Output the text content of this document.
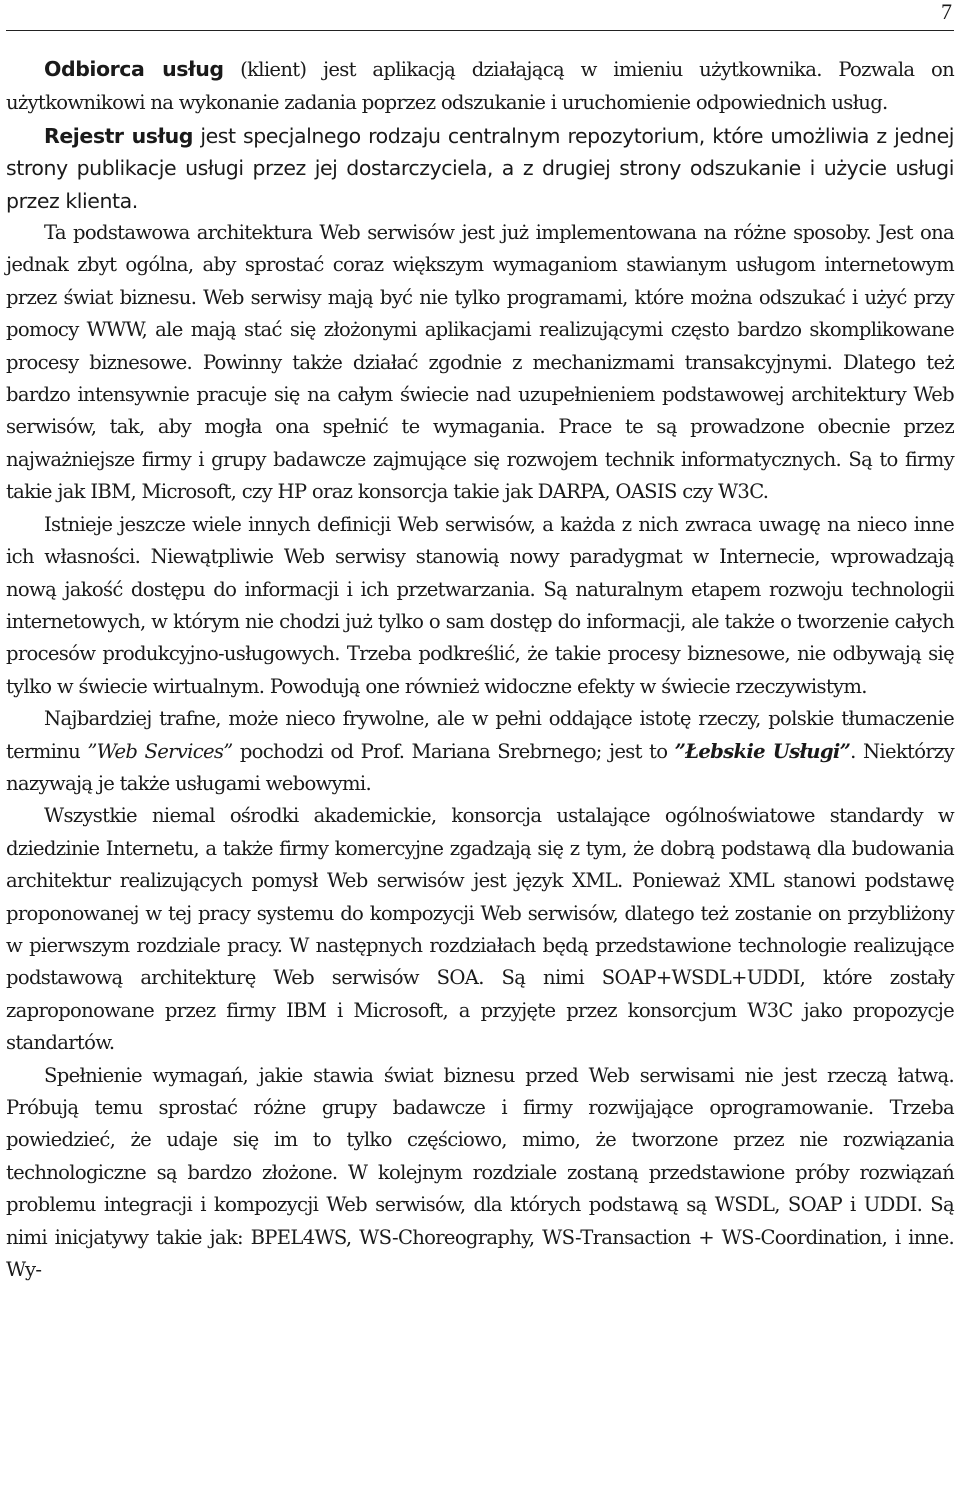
7

Odbiorca usług (klient) jest aplikacją działającą w imieniu użytkownika. Pozwala on użytkownikowi na wykonanie zadania poprzez odszukanie i uruchomienie odpowiednich usług.

Rejestr usług jest specjalnego rodzaju centralnym repozytorium, które umożliwia z jednej strony publikacje usługi przez jej dostarczyciela, a z drugiej strony odszukanie i użycie usługi przez klienta.

Ta podstawowa architektura Web serwisów jest już implementowana na różne sposoby. Jest ona jednak zbyt ogólna, aby sprostać coraz większym wymaganiom stawianym usługom internetowym przez świat biznesu. Web serwisy mają być nie tylko programami, które można odszukać i użyć przy pomocy WWW, ale mają stać się złożonymi aplikacjami realizującymi często bardzo skomplikowane procesy biznesowe. Powinny także działać zgodnie z mechanizmami transakcyjnymi. Dlatego też bardzo intensywnie pracuje się na całym świecie nad uzupełnieniem podstawowej architektury Web serwisów, tak, aby mogła ona spełnić te wymagania. Prace te są prowadzone obecnie przez najważniejsze firmy i grupy badawcze zajmujące się rozwojem technik informatycznych. Są to firmy takie jak IBM, Microsoft, czy HP oraz konsorcja takie jak DARPA, OASIS czy W3C.

Istnieje jeszcze wiele innych definicji Web serwisów, a każda z nich zwraca uwagę na nieco inne ich własności. Niewątpliwie Web serwisy stanowią nowy paradygmat w Internecie, wprowadzają nową jakość dostępu do informacji i ich przetwarzania. Są naturalnym etapem rozwoju technologii internetowych, w którym nie chodzi już tylko o sam dostęp do informacji, ale także o tworzenie całych procesów produkcyjno-usługowych. Trzeba podkreślić, że takie procesy biznesowe, nie odbywają się tylko w świecie wirtualnym. Powodują one również widoczne efekty w świecie rzeczywistym.

Najbardziej trafne, może nieco frywolne, ale w pełni oddające istotę rzeczy, polskie tłumaczenie terminu ”Web Services” pochodzi od Prof. Mariana Srebrnego; jest to ”Łebskie Usługi”. Niektórzy nazywają je także usługami webowymi.

Wszystkie niemal ośrodki akademickie, konsorcja ustalające ogólnoświatowe standardy w dziedzinie Internetu, a także firmy komercyjne zgadzają się z tym, że dobrą podstawą dla budowania architektur realizujących pomysł Web serwisów jest język XML. Ponieważ XML stanowi podstawę proponowanej w tej pracy systemu do kompozycji Web serwisów, dlatego też zostanie on przybliżony w pierwszym rozdziale pracy. W następnych rozdziałach będą przedstawione technologie realizujące podstawową architekturę Web serwisów SOA. Są nimi SOAP+WSDL+UDDI, które zostały zaproponowane przez firmy IBM i Microsoft, a przyjęte przez konsorcjum W3C jako propozycje standartów.

Spełnienie wymagań, jakie stawia świat biznesu przed Web serwisami nie jest rzeczą łatwą. Próbują temu sprostać różne grupy badawcze i firmy rozwijające oprogramowanie. Trzeba powiedzieć, że udaje się im to tylko częściowo, mimo, że tworzone przez nie rozwiązania technologiczne są bardzo złożone. W kolejnym rozdziale zostaną przedstawione próby rozwiązań problemu integracji i kompozycji Web serwisów, dla których podstawą są WSDL, SOAP i UDDI. Są nimi inicjatywy takie jak: BPEL4WS, WS-Choreography, WS-Transaction + WS-Coordination, i inne. Wy-
